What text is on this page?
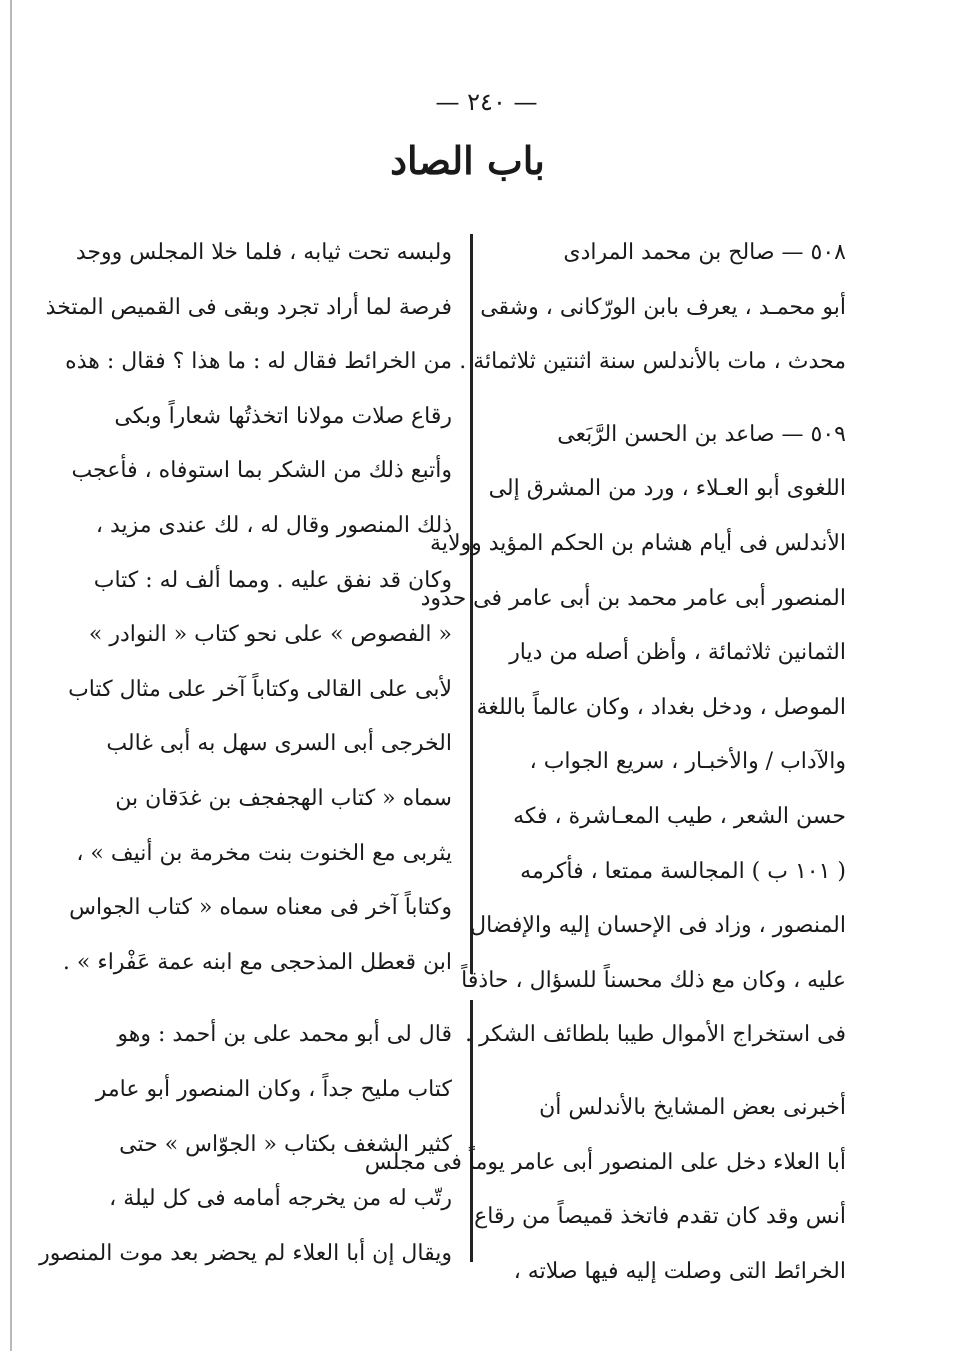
— ٢٤٠ —
باب الصاد

٥٠٨ — صالح بن محمد المرادى
أبو محمـد ، يعرف بابن الورّكانى ، وشقى
محدث ، مات بالأندلس سنة اثنتين ثلاثمائة .

٥٠٩ — صاعد بن الحسن الرَّبَعى
اللغوى أبو العـلاء ، ورد من المشرق إلى
الأندلس فى أيام هشام بن الحكم المؤيد وولاية
المنصور أبى عامر محمد بن أبى عامر فى حدود
الثمانين ثلاثمائة ، وأظن أصله من ديار
الموصل ، ودخل بغداد ، وكان عالماً باللغة
والآداب / والأخبـار ، سريع الجواب ،
حسن الشعر ، طيب المعـاشرة ، فكه
( ١٠١ ب ) المجالسة ممتعا ، فأكرمه
المنصور ، وزاد فى الإحسان إليه والإفضال
عليه ، وكان مع ذلك محسناً للسؤال ، حاذقاً
فى استخراج الأموال طيبا بلطائف الشكر .

أخبرنى بعض المشايخ بالأندلس أن
أبا العلاء دخل على المنصور أبى عامر يوماً فى مجلس
أنس وقد كان تقدم فاتخذ قميصاً من رقاع
الخرائط التى وصلت إليه فيها صلاته ،

ولبسه تحت ثيابه ، فلما خلا المجلس ووجد
فرصة لما أراد تجرد وبقى فى القميص المتخذ
من الخرائط فقال له : ما هذا ؟ فقال : هذه
رقاع صلات مولانا اتخذتُها شعاراً وبكى
وأتبع ذلك من الشكر بما استوفاه ، فأعجب
ذلك المنصور وقال له ، لك عندى مزيد ،
وكان قد نفق عليه . ومما ألف له : كتاب
« الفصوص » على نحو كتاب « النوادر »
لأبى على القالى وكتاباً آخر على مثال كتاب
الخرجى أبى السرى سهل به أبى غالب
سماه « كتاب الهجفجف بن غدَقان بن
يثربى مع الخنوت بنت مخرمة بن أنيف » ،
وكتاباً آخر فى معناه سماه « كتاب الجواس
ابن قعطل المذحجى مع ابنه عمة عَفْراء » .

قال لى أبو محمد على بن أحمد : وهو
كتاب مليح جداً ، وكان المنصور أبو عامر
كثير الشغف بكتاب « الجوّاس » حتى
رتّب له من يخرجه أمامه فى كل ليلة ،
ويقال إن أبا العلاء لم يحضر بعد موت المنصور
